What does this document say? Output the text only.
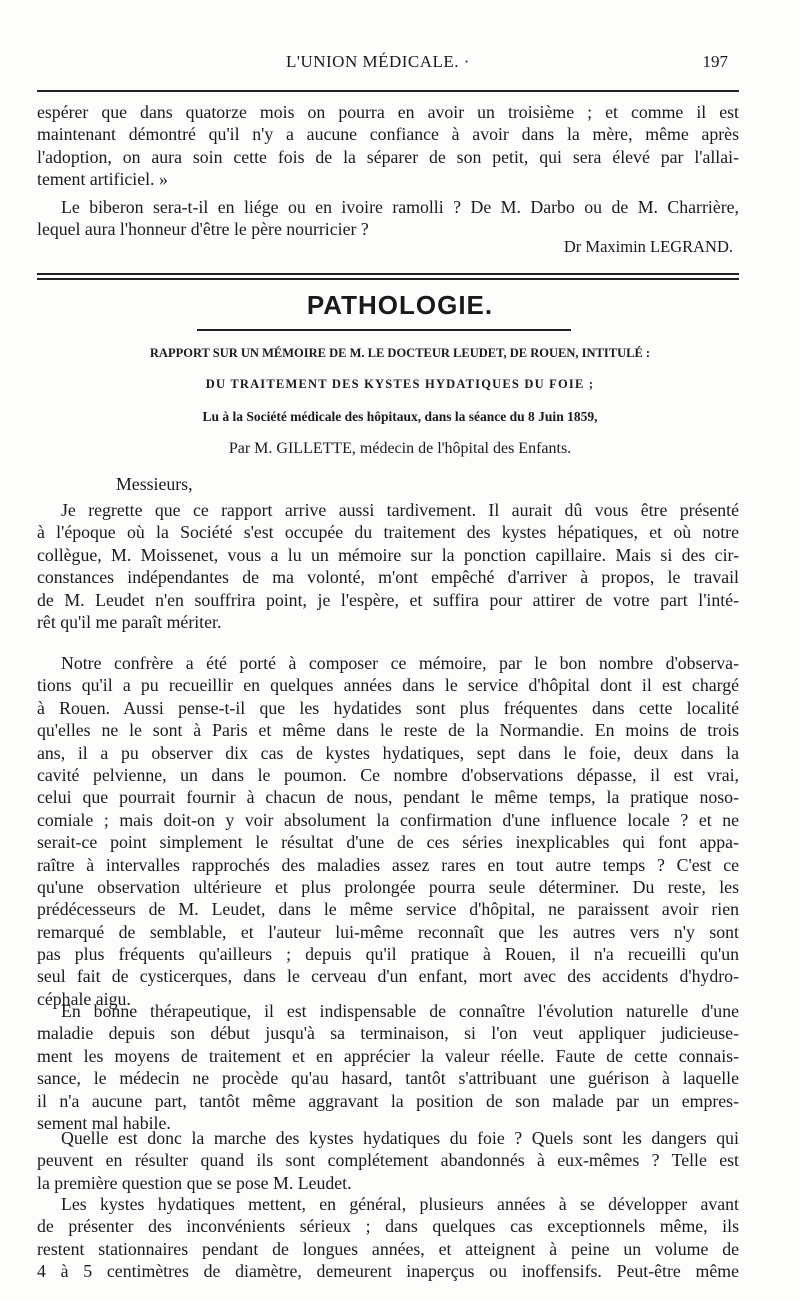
L'UNION MÉDICALE. ·	197
espérer que dans quatorze mois on pourra en avoir un troisième ; et comme il est
maintenant démontré qu'il n'y a aucune confiance à avoir dans la mère, même après
l'adoption, on aura soin cette fois de la séparer de son petit, qui sera élevé par l'allai-
tement artificiel. »
Le biberon sera-t-il en liége ou en ivoire ramolli ? De M. Darbo ou de M. Charrière,
lequel aura l'honneur d'être le père nourricier ?
Dr Maximin LEGRAND.
PATHOLOGIE.
RAPPORT SUR UN MÉMOIRE DE M. LE DOCTEUR LEUDET, DE ROUEN, INTITULÉ :
DU TRAITEMENT DES KYSTES HYDATIQUES DU FOIE ;
Lu à la Société médicale des hôpitaux, dans la séance du 8 Juin 1859,
Par M. GILLETTE, médecin de l'hôpital des Enfants.
Messieurs,
Je regrette que ce rapport arrive aussi tardivement. Il aurait dû vous être présenté
à l'époque où la Société s'est occupée du traitement des kystes hépatiques, et où notre
collègue, M. Moissenet, vous a lu un mémoire sur la ponction capillaire. Mais si des cir-
constances indépendantes de ma volonté, m'ont empêché d'arriver à propos, le travail
de M. Leudet n'en souffrira point, je l'espère, et suffira pour attirer de votre part l'inté-
rêt qu'il me paraît mériter.
Notre confrère a été porté à composer ce mémoire, par le bon nombre d'observa-
tions qu'il a pu recueillir en quelques années dans le service d'hôpital dont il est chargé
à Rouen. Aussi pense-t-il que les hydatides sont plus fréquentes dans cette localité
qu'elles ne le sont à Paris et même dans le reste de la Normandie. En moins de trois
ans, il a pu observer dix cas de kystes hydatiques, sept dans le foie, deux dans la
cavité pelvienne, un dans le poumon. Ce nombre d'observations dépasse, il est vrai,
celui que pourrait fournir à chacun de nous, pendant le même temps, la pratique noso-
comiale ; mais doit-on y voir absolument la confirmation d'une influence locale ? et ne
serait-ce point simplement le résultat d'une de ces séries inexplicables qui font appa-
raître à intervalles rapprochés des maladies assez rares en tout autre temps ? C'est ce
qu'une observation ultérieure et plus prolongée pourra seule déterminer. Du reste, les
prédécesseurs de M. Leudet, dans le même service d'hôpital, ne paraissent avoir rien
remarqué de semblable, et l'auteur lui-même reconnaît que les autres vers n'y sont
pas plus fréquents qu'ailleurs ; depuis qu'il pratique à Rouen, il n'a recueilli qu'un
seul fait de cysticerques, dans le cerveau d'un enfant, mort avec des accidents d'hydro-
céphale aigu.
En bonne thérapeutique, il est indispensable de connaître l'évolution naturelle d'une
maladie depuis son début jusqu'à sa terminaison, si l'on veut appliquer judicieuse-
ment les moyens de traitement et en apprécier la valeur réelle. Faute de cette connais-
sance, le médecin ne procède qu'au hasard, tantôt s'attribuant une guérison à laquelle
il n'a aucune part, tantôt même aggravant la position de son malade par un empres-
sement mal habile.
Quelle est donc la marche des kystes hydatiques du foie ? Quels sont les dangers qui
peuvent en résulter quand ils sont complétement abandonnés à eux-mêmes ? Telle est
la première question que se pose M. Leudet.
Les kystes hydatiques mettent, en général, plusieurs années à se développer avant
de présenter des inconvénients sérieux ; dans quelques cas exceptionnels même, ils
restent stationnaires pendant de longues années, et atteignent à peine un volume de
4 à 5 centimètres de diamètre, demeurent inaperçus ou inoffensifs. Peut-être même
